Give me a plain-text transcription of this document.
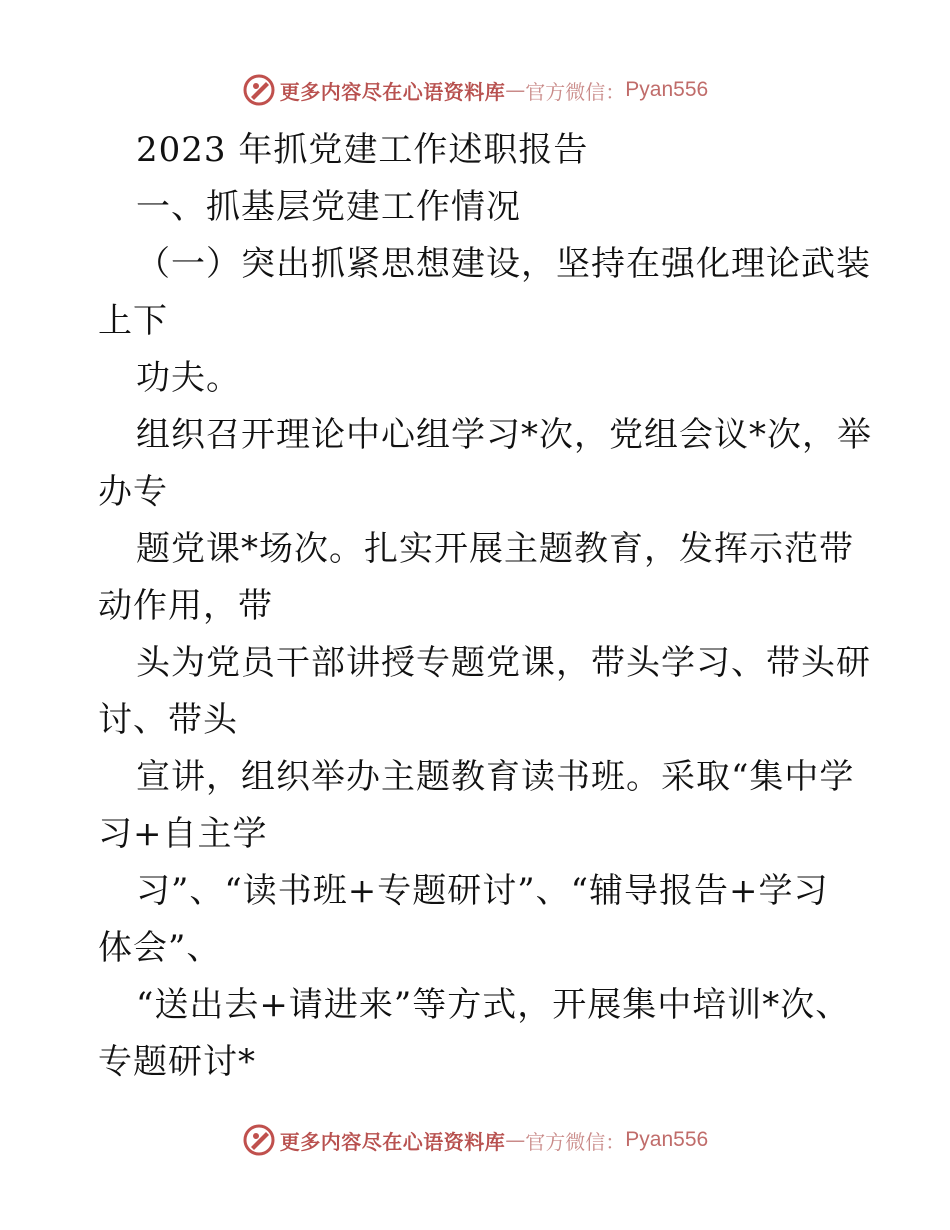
更多内容尽在心语资料库 — 官方微信： Pyan556
2023 年抓党建工作述职报告
一、抓基层党建工作情况
（一）突出抓紧思想建设，坚持在强化理论武装
上下
功夫。
组织召开理论中心组学习*次，党组会议*次，举
办专
题党课*场次。扎实开展主题教育，发挥示范带
动作用，带
头为党员干部讲授专题党课，带头学习、带头研
讨、带头
宣讲，组织举办主题教育读书班。采取“集中学
习+自主学
习”、“读书班+专题研讨”、“辅导报告+学习
体会”、
“送出去+请进来”等方式，开展集中培训*次、
专题研讨*
更多内容尽在心语资料库 — 官方微信： Pyan556
